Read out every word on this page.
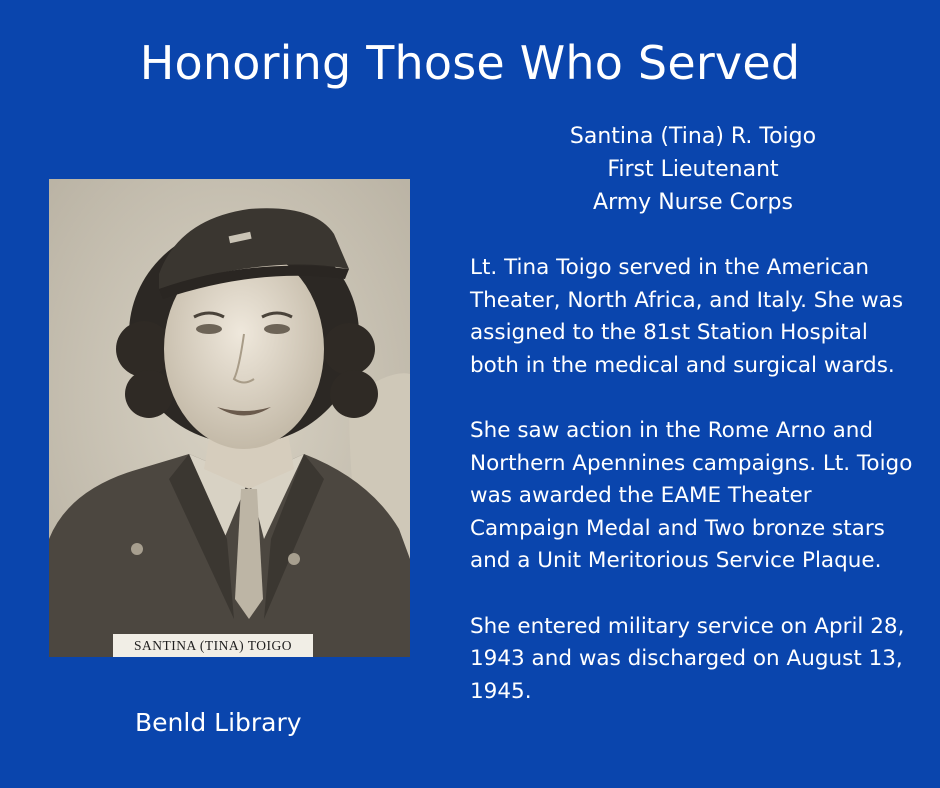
Honoring Those Who Served
Santina (Tina) R. Toigo
First Lieutenant
Army Nurse Corps

Lt. Tina Toigo served in the American Theater, North Africa, and Italy. She was assigned to the 81st Station Hospital both in the medical and surgical wards.

She saw action in the Rome Arno and Northern Apennines campaigns. Lt. Toigo was awarded the EAME Theater Campaign Medal and Two bronze stars and a Unit Meritorious Service Plaque.

She entered military service on April 28, 1943 and was discharged on August 13, 1945.

SANTINA (TINA) TOIGO
Benld Library
